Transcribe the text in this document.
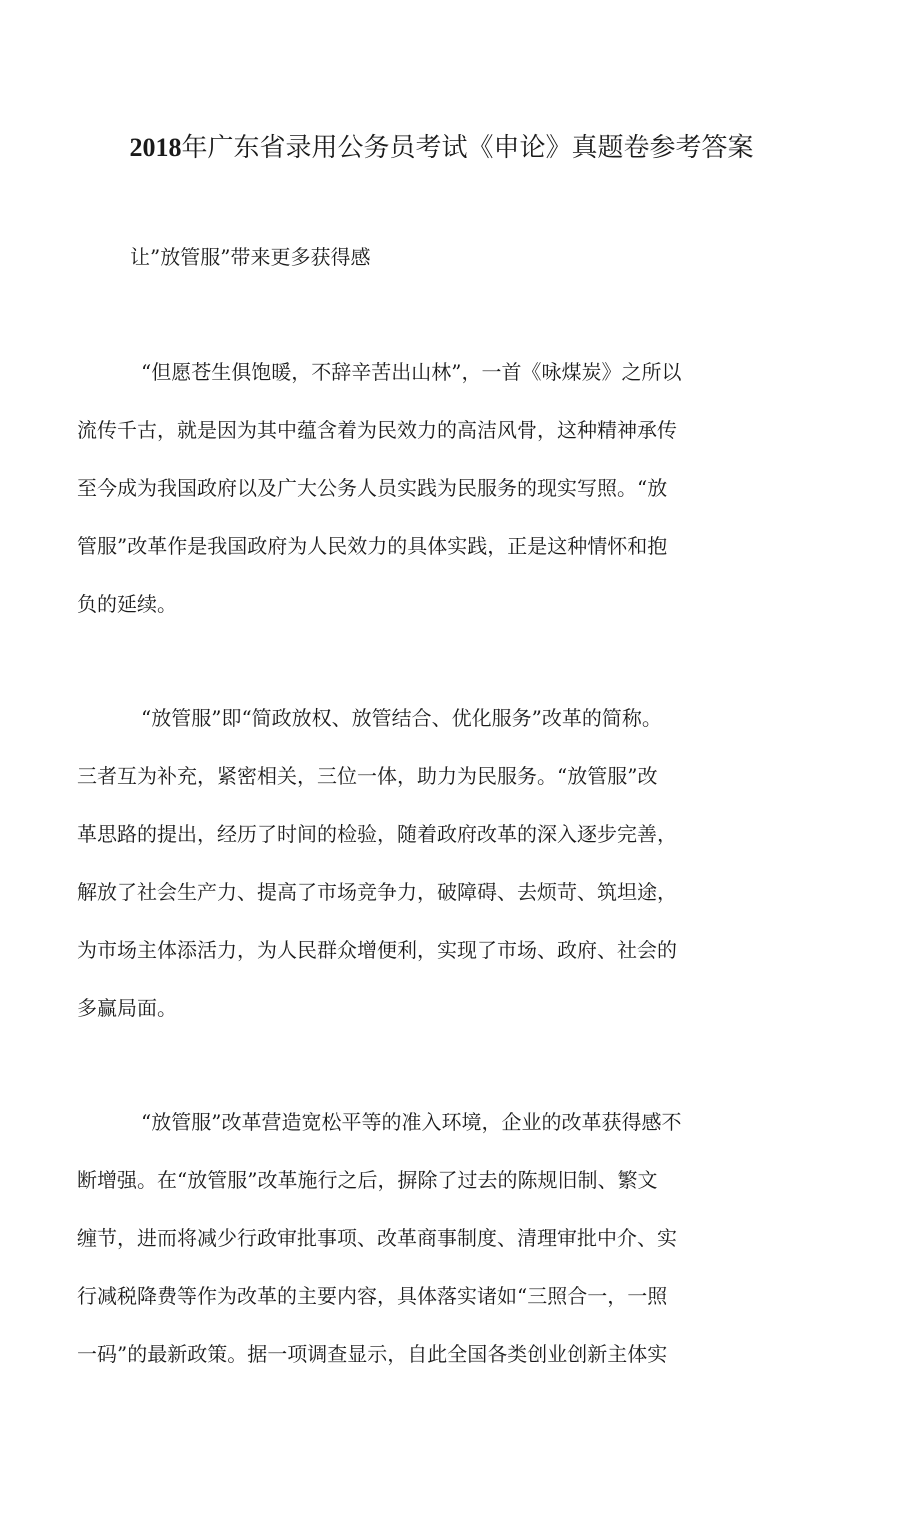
2018年广东省录用公务员考试《申论》真题卷参考答案

让”放管服”带来更多获得感

“但愿苍生俱饱暖，不辞辛苦出山林”，一首《咏煤炭》之所以
流传千古，就是因为其中蕴含着为民效力的高洁风骨，这种精神承传
至今成为我国政府以及广大公务人员实践为民服务的现实写照。“放
管服”改革作是我国政府为人民效力的具体实践，正是这种情怀和抱
负的延续。
“放管服”即“简政放权、放管结合、优化服务”改革的简称。
三者互为补充，紧密相关，三位一体，助力为民服务。“放管服”改
革思路的提出，经历了时间的检验，随着政府改革的深入逐步完善，
解放了社会生产力、提高了市场竞争力，破障碍、去烦苛、筑坦途，
为市场主体添活力，为人民群众增便利，实现了市场、政府、社会的
多赢局面。
“放管服”改革营造宽松平等的准入环境，企业的改革获得感不
断增强。在“放管服”改革施行之后，摒除了过去的陈规旧制、繁文
缠节，进而将减少行政审批事项、改革商事制度、清理审批中介、实
行减税降费等作为改革的主要内容，具体落实诸如“三照合一，一照
一码”的最新政策。据一项调查显示，自此全国各类创业创新主体实
